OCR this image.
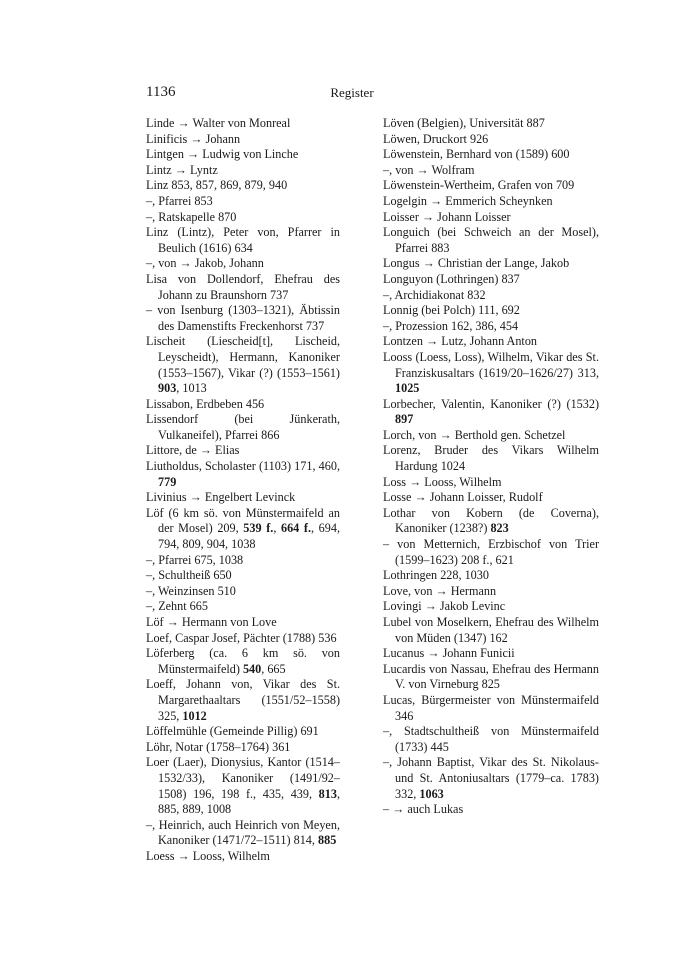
1136	Register

Linde → Walter von Monreal

Linificis → Johann

Lintgen → Ludwig von Linche

Lintz → Lyntz

Linz 853, 857, 869, 879, 940

–, Pfarrei 853

–, Ratskapelle 870

Linz (Lintz), Peter von, Pfarrer in Beulich (1616) 634

–, von → Jakob, Johann

Lisa von Dollendorf, Ehefrau des Johann zu Braunshorn 737

– von Isenburg (1303–1321), Äbtissin des Damenstifts Freckenhorst 737

Lischeit (Liescheid[t], Lischeid, Leyscheidt), Hermann, Kanoniker (1553–1567), Vikar (?) (1553–1561) 903, 1013

Lissabon, Erdbeben 456

Lissendorf (bei Jünkerath, Vulkaneifel), Pfarrei 866

Littore, de → Elias

Liutholdus, Scholaster (1103) 171, 460, 779

Livinius → Engelbert Levinck

Löf (6 km sö. von Münstermaifeld an der Mosel) 209, 539 f., 664 f., 694, 794, 809, 904, 1038

–, Pfarrei 675, 1038

–, Schultheiß 650

–, Weinzinsen 510

–, Zehnt 665

Löf → Hermann von Love

Loef, Caspar Josef, Pächter (1788) 536

Löferberg (ca. 6 km sö. von Münstermaifeld) 540, 665

Loeff, Johann von, Vikar des St. Margarethaaltars (1551/52–1558) 325, 1012

Löffelmühle (Gemeinde Pillig) 691

Löhr, Notar (1758–1764) 361

Loer (Laer), Dionysius, Kantor (1514–1532/33), Kanoniker (1491/92–1508) 196, 198 f., 435, 439, 813, 885, 889, 1008

–, Heinrich, auch Heinrich von Meyen, Kanoniker (1471/72–1511) 814, 885

Loess → Looss, Wilhelm

Löven (Belgien), Universität 887

Löwen, Druckort 926

Löwenstein, Bernhard von (1589) 600

–, von → Wolfram

Löwenstein-Wertheim, Grafen von 709

Logelgin → Emmerich Scheynken

Loisser → Johann Loisser

Longuich (bei Schweich an der Mosel), Pfarrei 883

Longus → Christian der Lange, Jakob

Longuyon (Lothringen) 837

–, Archidiakonat 832

Lonnig (bei Polch) 111, 692

–, Prozession 162, 386, 454

Lontzen → Lutz, Johann Anton

Looss (Loess, Loss), Wilhelm, Vikar des St. Franziskusaltars (1619/20–1626/27) 313, 1025

Lorbecher, Valentin, Kanoniker (?) (1532) 897

Lorch, von → Berthold gen. Schetzel

Lorenz, Bruder des Vikars Wilhelm Hardung 1024

Loss → Looss, Wilhelm

Losse → Johann Loisser, Rudolf

Lothar von Kobern (de Coverna), Kanoniker (1238?) 823

– von Metternich, Erzbischof von Trier (1599–1623) 208 f., 621

Lothringen 228, 1030

Love, von → Hermann

Lovingi → Jakob Levinc

Lubel von Moselkern, Ehefrau des Wilhelm von Müden (1347) 162

Lucanus → Johann Funicii

Lucardis von Nassau, Ehefrau des Hermann V. von Virneburg 825

Lucas, Bürgermeister von Münstermaifeld 346

–, Stadtschultheiß von Münstermaifeld (1733) 445

–, Johann Baptist, Vikar des St. Nikolaus- und St. Antoniusaltars (1779–ca. 1783) 332, 1063

– → auch Lukas
